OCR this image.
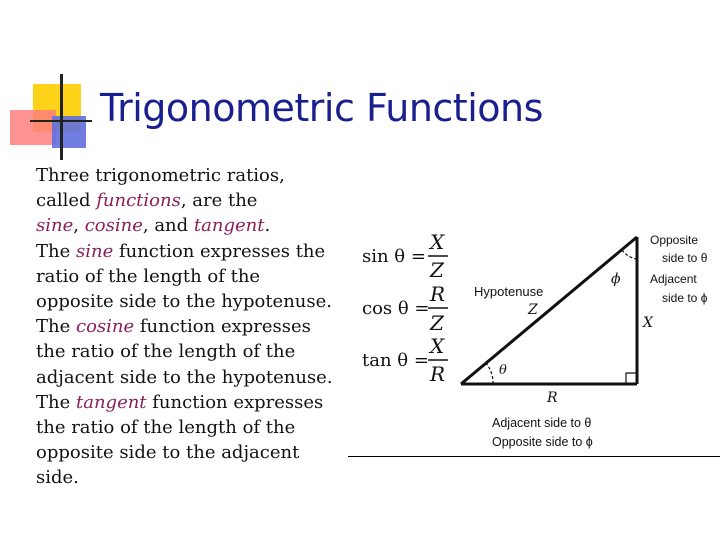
Trigonometric Functions
Three trigonometric ratios,
called functions, are the
sine, cosine, and tangent.
The sine function expresses the
ratio of the length of the
opposite side to the hypotenuse.
The cosine function expresses
the ratio of the length of the
adjacent side to the hypotenuse.
The tangent function expresses
the ratio of the length of the
opposite side to the adjacent
side.
sin θ =
X
Z
cos θ =
R
Z
tan θ =
X
R
Hypotenuse
Z
X
R
θ
ϕ
Opposite
side to θ
Adjacent
side to ϕ
Adjacent side to θ
Opposite side to ϕ
